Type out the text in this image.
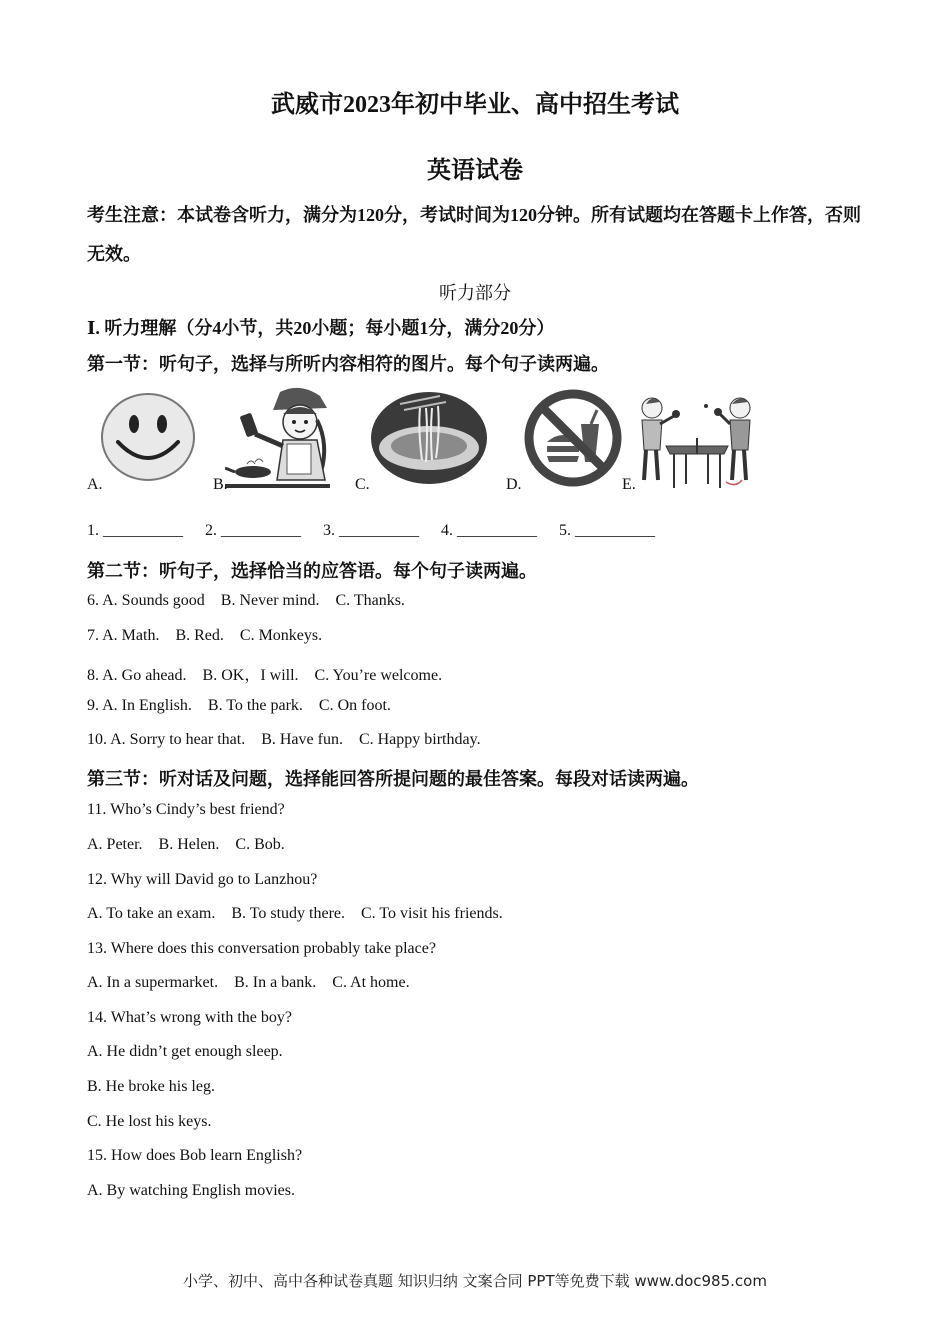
武威市2023年初中毕业、高中招生考试
英语试卷
考生注意：本试卷含听力，满分为120分，考试时间为120分钟。所有试题均在答题卡上作答，否则无效。
听力部分
Ⅰ. 听力理解（分4小节，共20小题；每小题1分，满分20分）
第一节：听句子，选择与所听内容相符的图片。每个句子读两遍。
A.	B.	C.	D.	E.
1. __________ 2. __________ 3. __________ 4. __________ 5. __________
第二节：听句子，选择恰当的应答语。每个句子读两遍。
6. A. Sounds good    B. Never mind.    C. Thanks.
7. A. Math.    B. Red.    C. Monkeys.
8. A. Go ahead.    B. OK，I will.    C. You’re welcome.
9. A. In English.    B. To the park.    C. On foot.
10. A. Sorry to hear that.    B. Have fun.    C. Happy birthday.
第三节：听对话及问题，选择能回答所提问题的最佳答案。每段对话读两遍。
11. Who’s Cindy’s best friend?
A. Peter.    B. Helen.    C. Bob.
12. Why will David go to Lanzhou?
A. To take an exam.    B. To study there.    C. To visit his friends.
13. Where does this conversation probably take place?
A. In a supermarket.    B. In a bank.    C. At home.
14. What’s wrong with the boy?
A. He didn’t get enough sleep.
B. He broke his leg.
C. He lost his keys.
15. How does Bob learn English?
A. By watching English movies.
小学、初中、高中各种试卷真题 知识归纳 文案合同 PPT等免费下载 www.doc985.com
